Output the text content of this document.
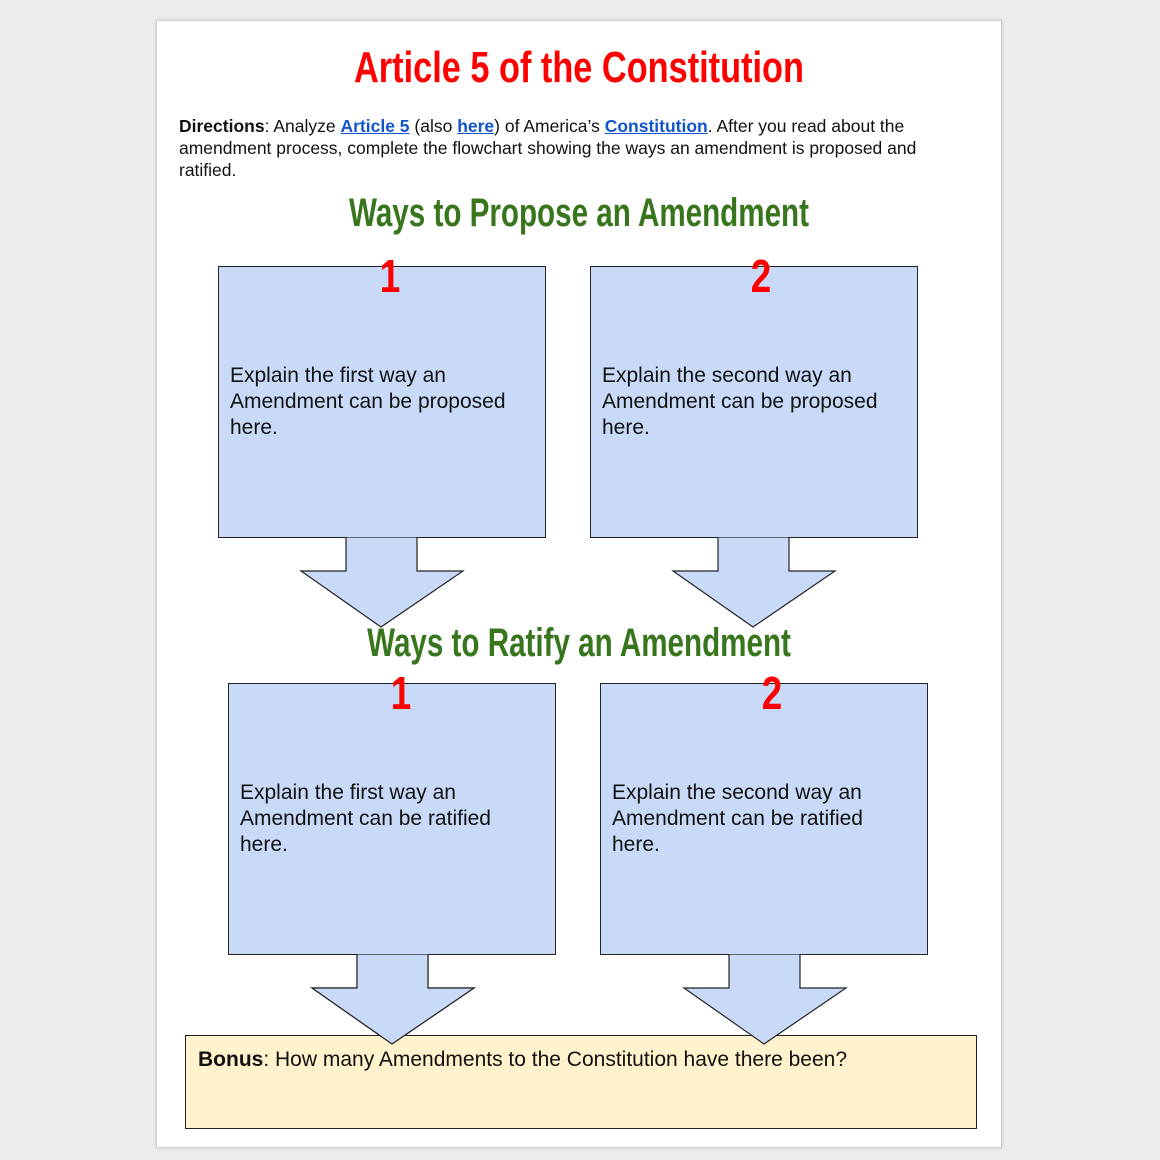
Article 5 of the Constitution
Directions: Analyze Article 5 (also here) of America’s Constitution. After you read about the amendment process, complete the flowchart showing the ways an amendment is proposed and ratified.
Ways to Propose an Amendment
Explain the first way an Amendment can be proposed here.
1
Explain the second way an Amendment can be proposed here.
2
Ways to Ratify an Amendment
Explain the first way an Amendment can be ratified here.
1
Explain the second way an Amendment can be ratified here.
2
Bonus: How many Amendments to the Constitution have there been?
